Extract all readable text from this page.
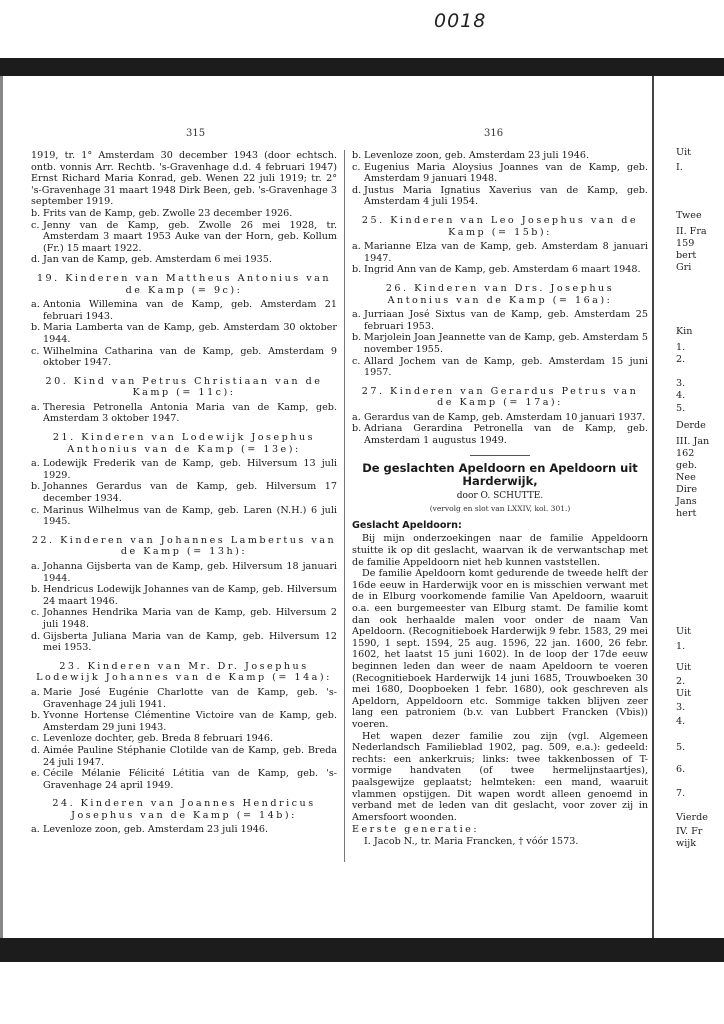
0018
315	316

1919, tr. 1° Amsterdam 30 december 1943 (door echtsch. ontb. vonnis Arr. Rechtb. 's-Gravenhage d.d. 4 februari 1947) Ernst Richard Maria Konrad, geb. Wenen 22 juli 1919; tr. 2° 's-Gravenhage 31 maart 1948 Dirk Been, geb. 's-Gravenhage 3 september 1919.

b. Frits van de Kamp, geb. Zwolle 23 december 1926.
c. Jenny van de Kamp, geb. Zwolle 26 mei 1928, tr. Amsterdam 3 maart 1953 Auke van der Horn, geb. Kollum (Fr.) 15 maart 1922.
d. Jan van de Kamp, geb. Amsterdam 6 mei 1935.
19. Kinderen van Mattheus Antonius van de Kamp (= 9c):
a. Antonia Willemina van de Kamp, geb. Amsterdam 21 februari 1943.
b. Maria Lamberta van de Kamp, geb. Amsterdam 30 oktober 1944.
c. Wilhelmina Catharina van de Kamp, geb. Amsterdam 9 oktober 1947.
20. Kind van Petrus Christiaan van de Kamp (= 11c):
a. Theresia Petronella Antonia Maria van de Kamp, geb. Amsterdam 3 oktober 1947.
21. Kinderen van Lodewijk Josephus Anthonius van de Kamp (= 13e):
a. Lodewijk Frederik van de Kamp, geb. Hilversum 13 juli 1929.
b. Johannes Gerardus van de Kamp, geb. Hilversum 17 december 1934.
c. Marinus Wilhelmus van de Kamp, geb. Laren (N.H.) 6 juli 1945.
22. Kinderen van Johannes Lambertus van de Kamp (= 13h):
a. Johanna Gijsberta van de Kamp, geb. Hilversum 18 januari 1944.
b. Hendricus Lodewijk Johannes van de Kamp, geb. Hilversum 24 maart 1946.
c. Johannes Hendrika Maria van de Kamp, geb. Hilversum 2 juli 1948.
d. Gijsberta Juliana Maria van de Kamp, geb. Hilversum 12 mei 1953.
23. Kinderen van Mr. Dr. Josephus Lodewijk Johannes van de Kamp (= 14a):
a. Marie José Eugénie Charlotte van de Kamp, geb. 's-Gravenhage 24 juli 1941.
b. Yvonne Hortense Clémentine Victoire van de Kamp, geb. Amsterdam 29 juni 1943.
c. Levenloze dochter, geb. Breda 8 februari 1946.
d. Aimée Pauline Stéphanie Clotilde van de Kamp, geb. Breda 24 juli 1947.
e. Cécile Mélanie Félicité Létitia van de Kamp, geb. 's-Gravenhage 24 april 1949.
24. Kinderen van Joannes Hendricus Josephus van de Kamp (= 14b):
a. Levenloze zoon, geb. Amsterdam 23 juli 1946.
b. Levenloze zoon, geb. Amsterdam 23 juli 1946.
c. Eugenius Maria Aloysius Joannes van de Kamp, geb. Amsterdam 9 januari 1948.
d. Justus Maria Ignatius Xaverius van de Kamp, geb. Amsterdam 4 juli 1954.
25. Kinderen van Leo Josephus van de Kamp (= 15b):
a. Marianne Elza van de Kamp, geb. Amsterdam 8 januari 1947.
b. Ingrid Ann van de Kamp, geb. Amsterdam 6 maart 1948.
26. Kinderen van Drs. Josephus Antonius van de Kamp (= 16a):
a. Jurriaan José Sixtus van de Kamp, geb. Amsterdam 25 februari 1953.
b. Marjolein Joan Jeannette van de Kamp, geb. Amsterdam 5 november 1955.
c. Allard Jochem van de Kamp, geb. Amsterdam 15 juni 1957.
27. Kinderen van Gerardus Petrus van de Kamp (= 17a):
a. Gerardus van de Kamp, geb. Amsterdam 10 januari 1937.
b. Adriana Gerardina Petronella van de Kamp, geb. Amsterdam 1 augustus 1949.

De geslachten Apeldoorn en Apeldoorn uit Harderwijk,

door O. SCHUTTE.

(vervolg en slot van LXXIV, kol. 301.)

Geslacht Apeldoorn:

Bij mijn onderzoekingen naar de familie Appeldoorn stuitte ik op dit geslacht, waarvan ik de verwantschap met de familie Appeldoorn niet heb kunnen vaststellen.

De familie Apeldoorn komt gedurende de tweede helft der 16de eeuw in Harderwijk voor en is misschien verwant met de in Elburg voorkomende familie Van Apeldoorn, waaruit o.a. een burgemeester van Elburg stamt. De familie komt dan ook herhaalde malen voor onder de naam Van Apeldoorn. (Recognitieboek Harderwijk 9 febr. 1583, 29 mei 1590, 1 sept. 1594, 25 aug. 1596, 22 jan. 1600, 26 febr. 1602, het laatst 15 juni 1602). In de loop der 17de eeuw beginnen leden dan weer de naam Apeldoorn te voeren (Recognitieboek Harderwijk 14 juni 1685, Trouwboeken 30 mei 1680, Doopboeken 1 febr. 1680), ook geschreven als Apeldorn, Appeldoorn etc. Sommige takken blijven zeer lang een patroniem (b.v. van Lubbert Francken (Vbis)) voeren.

Het wapen dezer familie zou zijn (vgl. Algemeen Nederlandsch Familieblad 1902, pag. 509, e.a.): gedeeld: rechts: een ankerkruis; links: twee takkenbossen of T-vormige handvaten (of twee hermelijnstaartjes), paalsgewijze geplaatst; helmteken: een mand, waaruit vlammen opstijgen. Dit wapen wordt alleen genoemd in verband met de leden van dit geslacht, voor zover zij in Amersfoort woonden.

Eerste generatie:
I. Jacob N., tr. Maria Francken, † vóór 1573.
Uit
I.
Twee
II. Fra
159
bert
Gri
Kin
1.
2.
3.
4.
5.
Derde
III. Jan
162
geb.
Nee
Dire
Jans
hert
Uit
1.
Uit
2.
Uit
3.
4.
5.
6.
7.
Vierde
IV. Fr
wijk
